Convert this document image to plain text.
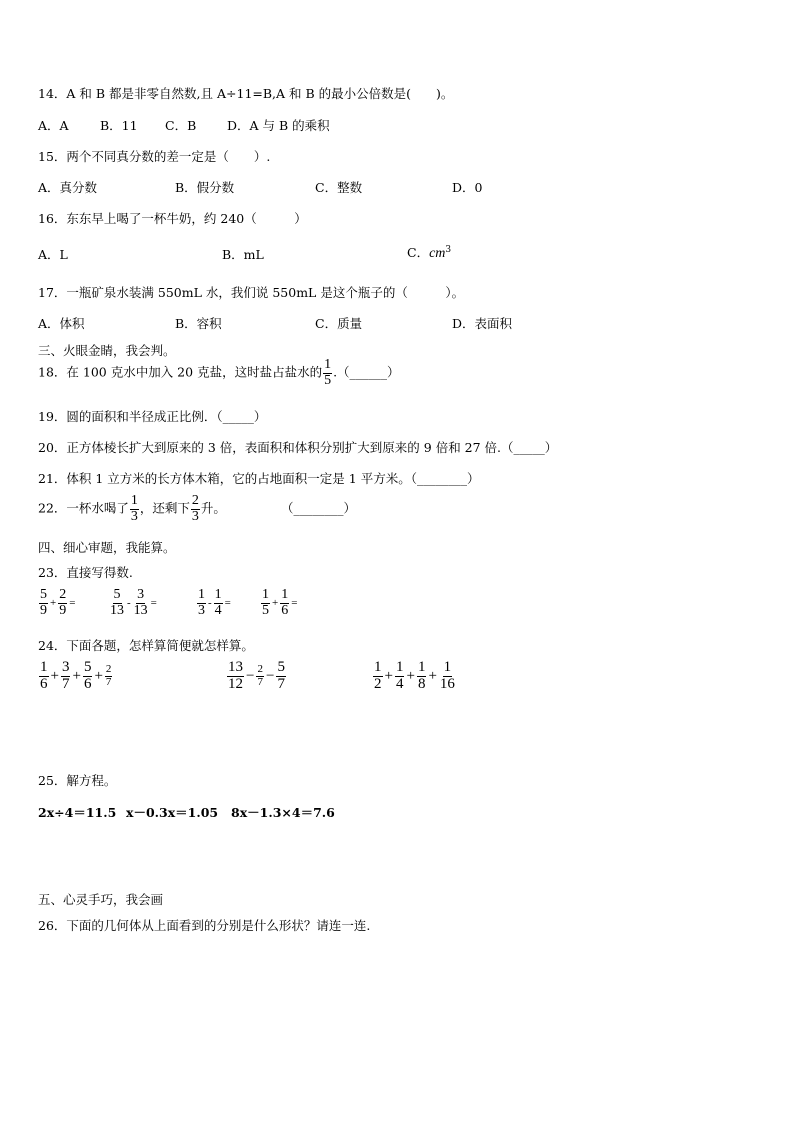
14．A 和 B 都是非零自然数,且 A÷11=B,A 和 B 的最小公倍数是(　　)。
A．A	B．11 C．B D．A 与 B 的乘积
15．两个不同真分数的差一定是（　　）.
A．真分数	B．假分数	C．整数	D．0
16．东东早上喝了一杯牛奶，约 240（　　　）
A．L	B．mL	C．$cm^3$
17．一瓶矿泉水装满 550mL 水，我们说 550mL 是这个瓶子的（　　　）。
A．体积	B．容积	C．质量	D．表面积
三、火眼金睛，我会判。
18．在 100 克水中加入 20 克盐，这时盐占盐水的 $\frac{1}{5}$ .（______）
19．圆的面积和半径成正比例．（_____）
20．正方体棱长扩大到原来的 3 倍，表面积和体积分别扩大到原来的 9 倍和 27 倍.（_____）
21．体积 1 立方米的长方体木箱，它的占地面积一定是 1 平方米。（________）
22．一杯水喝了 $\frac{1}{3}$ ，还剩下 $\frac{2}{3}$ 升。	（________）
四、细心审题，我能算。
23．直接写得数.
$\frac{5}{9} + \frac{2}{9} = \frac{5}{13} - \frac{3}{13}$ =	$\frac{1}{3} - \frac{1}{4} = \frac{1}{5} + \frac{1}{6}$ =
24．下面各题，怎样算简便就怎样算。
$\frac{1}{6} + \frac{3}{7} + \frac{5}{6} + \frac{2}{7}$	$\frac{13}{12} - \frac{2}{7} - \frac{5}{7}$	$\frac{1}{2} + \frac{1}{4} + \frac{1}{8} + \frac{1}{16}$
25．解方程。
2x÷4＝11.5 x－0.3x＝1.05 8x－1.3×4＝7.6
五、心灵手巧，我会画
26．下面的几何体从上面看到的分别是什么形状？请连一连.
